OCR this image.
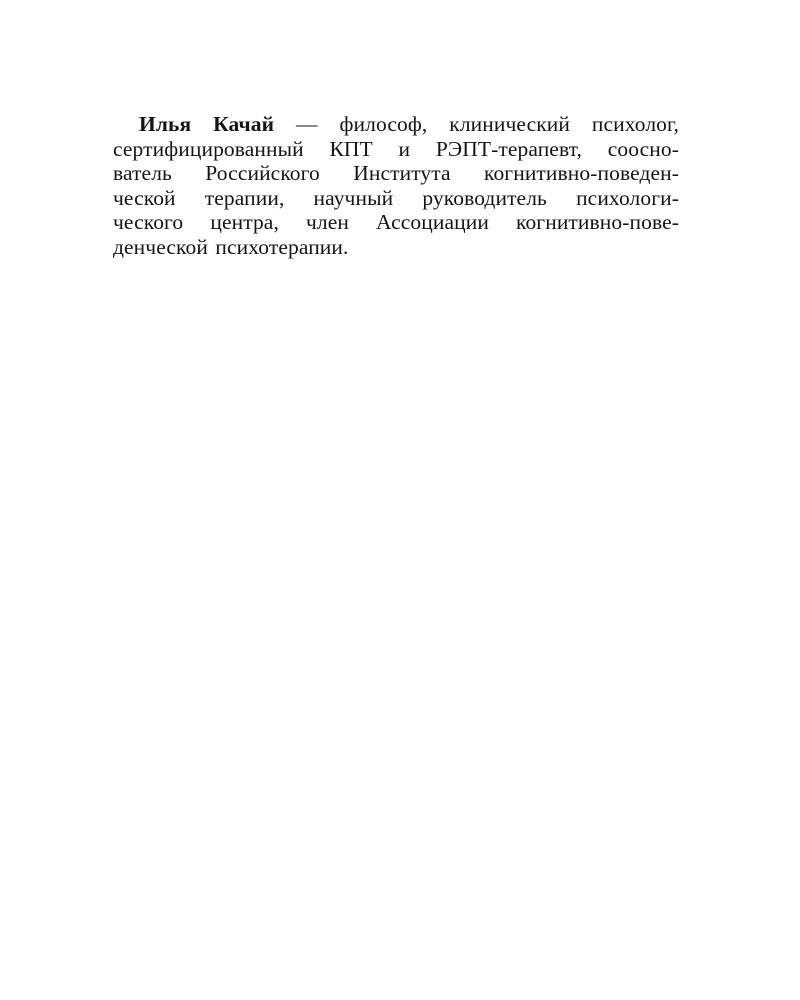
Илья Качай — философ, клинический психолог,
сертифицированный КПТ и РЭПТ-терапевт, соосно-
ватель Российского Института когнитивно-поведен-
ческой терапии, научный руководитель психологи-
ческого центра, член Ассоциации когнитивно-пове-
денческой психотерапии.
